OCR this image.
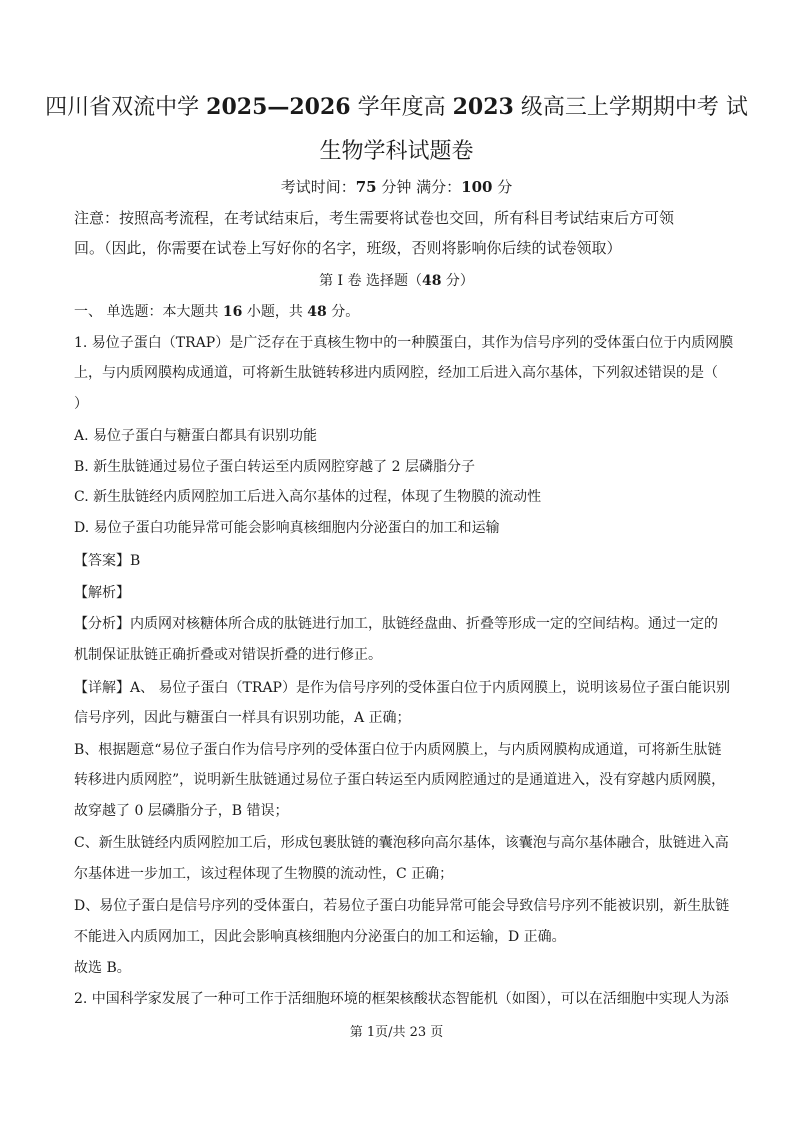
四川省双流中学 2025—2026 学年度高 2023 级高三上学期期中考 试
生物学科试题卷
考试时间：75 分钟 满分：100 分
注意：按照高考流程，在考试结束后，考生需要将试卷也交回，所有科目考试结束后方可领
回。（因此，你需要在试卷上写好你的名字，班级，否则将影响你后续的试卷领取）
第 I 卷 选择题（48 分）
一、 单选题：本大题共 16 小题，共 48 分。
1. 易位子蛋白（TRAP）是广泛存在于真核生物中的一种膜蛋白，其作为信号序列的受体蛋白位于内质网膜
上，与内质网膜构成通道，可将新生肽链转移进内质网腔，经加工后进入高尔基体，下列叙述错误的是（
）
A. 易位子蛋白与糖蛋白都具有识别功能
B. 新生肽链通过易位子蛋白转运至内质网腔穿越了 2 层磷脂分子
C. 新生肽链经内质网腔加工后进入高尔基体的过程，体现了生物膜的流动性
D. 易位子蛋白功能异常可能会影响真核细胞内分泌蛋白的加工和运输
【答案】B
【解析】
【分析】内质网对核糖体所合成的肽链进行加工，肽链经盘曲、折叠等形成一定的空间结构。通过一定的
机制保证肽链正确折叠或对错误折叠的进行修正。
【详解】A、 易位子蛋白（TRAP）是作为信号序列的受体蛋白位于内质网膜上，说明该易位子蛋白能识别
信号序列，因此与糖蛋白一样具有识别功能，A 正确；
B、根据题意“易位子蛋白作为信号序列的受体蛋白位于内质网膜上，与内质网膜构成通道，可将新生肽链
转移进内质网腔”，说明新生肽链通过易位子蛋白转运至内质网腔通过的是通道进入，没有穿越内质网膜，
故穿越了 0 层磷脂分子，B 错误；
C、新生肽链经内质网腔加工后，形成包裹肽链的囊泡移向高尔基体，该囊泡与高尔基体融合，肽链进入高
尔基体进一步加工，该过程体现了生物膜的流动性，C 正确；
D、易位子蛋白是信号序列的受体蛋白，若易位子蛋白功能异常可能会导致信号序列不能被识别，新生肽链
不能进入内质网加工，因此会影响真核细胞内分泌蛋白的加工和运输，D 正确。
故选 B。
2. 中国科学家发展了一种可工作于活细胞环境的框架核酸状态智能机（如图），可以在活细胞中实现人为添
第 1页/共 23 页
